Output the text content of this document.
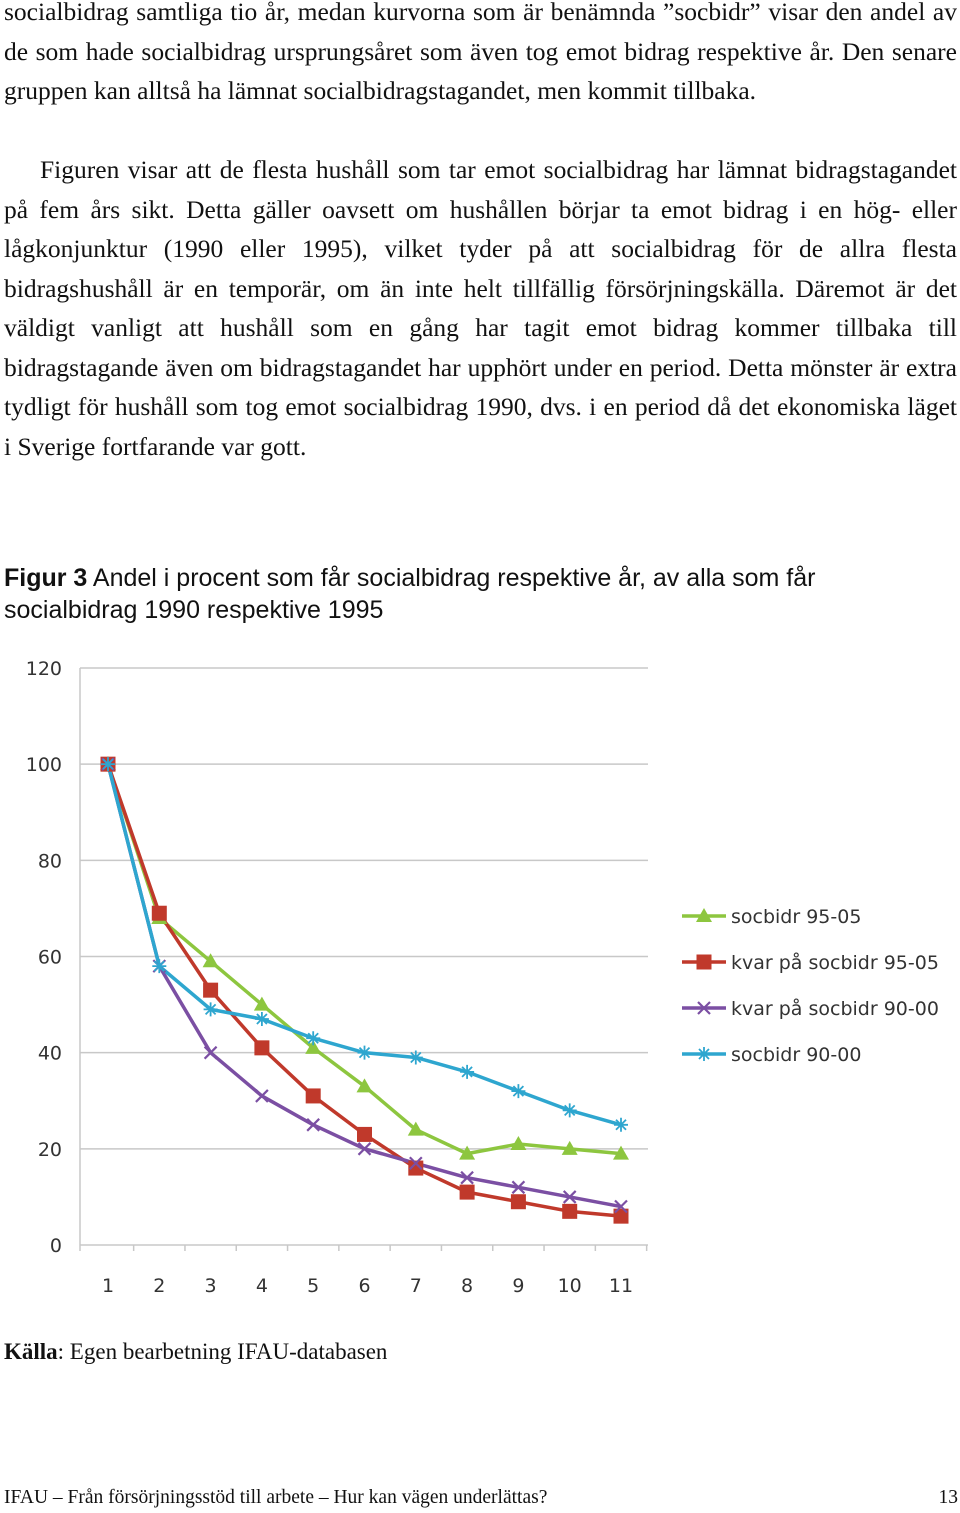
socialbidrag samtliga tio år, medan kurvorna som är benämnda ”socbidr” visar den andel av de som hade socialbidrag ursprungsåret som även tog emot bidrag respektive år. Den senare gruppen kan alltså ha lämnat socialbidragstagandet, men kommit tillbaka.

Figuren visar att de flesta hushåll som tar emot socialbidrag har lämnat bidragstagandet på fem års sikt. Detta gäller oavsett om hushållen börjar ta emot bidrag i en hög- eller lågkonjunktur (1990 eller 1995), vilket tyder på att socialbidrag för de allra flesta bidragshushåll är en temporär, om än inte helt tillfällig försörjningskälla. Däremot är det väldigt vanligt att hushåll som en gång har tagit emot bidrag kommer tillbaka till bidragstagande även om bidragstagandet har upphört under en period. Detta mönster är extra tydligt för hushåll som tog emot socialbidrag 1990, dvs. i en period då det ekonomiska läget i Sverige fortfarande var gott.

Figur 3 Andel i procent som får socialbidrag respektive år, av alla som får socialbidrag 1990 respektive 1995
0
20
40
60
80
100
120
1 2 3 4 5 6 7 8 9 10 11
socbidr 95-05
kvar på socbidr 95-05
kvar på socbidr 90-00
socbidr 90-00
Källa: Egen bearbetning IFAU-databasen
IFAU – Från försörjningsstöd till arbete – Hur kan vägen underlättas?	13
